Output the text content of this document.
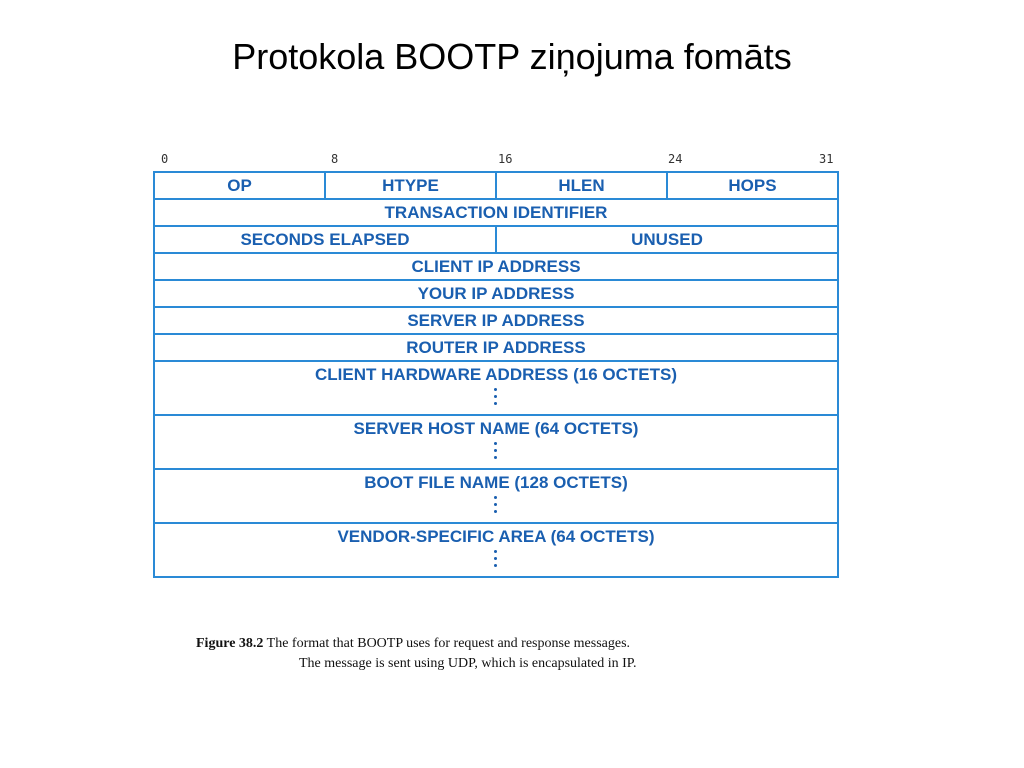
Protokola BOOTP ziņojuma fomāts
0	8	16	24	31
OP	HTYPE	HLEN	HOPS
TRANSACTION IDENTIFIER
SECONDS ELAPSED	UNUSED
CLIENT IP ADDRESS
YOUR IP ADDRESS
SERVER IP ADDRESS
ROUTER IP ADDRESS
CLIENT HARDWARE ADDRESS (16 OCTETS)
SERVER HOST NAME (64 OCTETS)
BOOT FILE NAME (128 OCTETS)
VENDOR-SPECIFIC AREA (64 OCTETS)
Figure 38.2 The format that BOOTP uses for request and response messages.
The message is sent using UDP, which is encapsulated in IP.
